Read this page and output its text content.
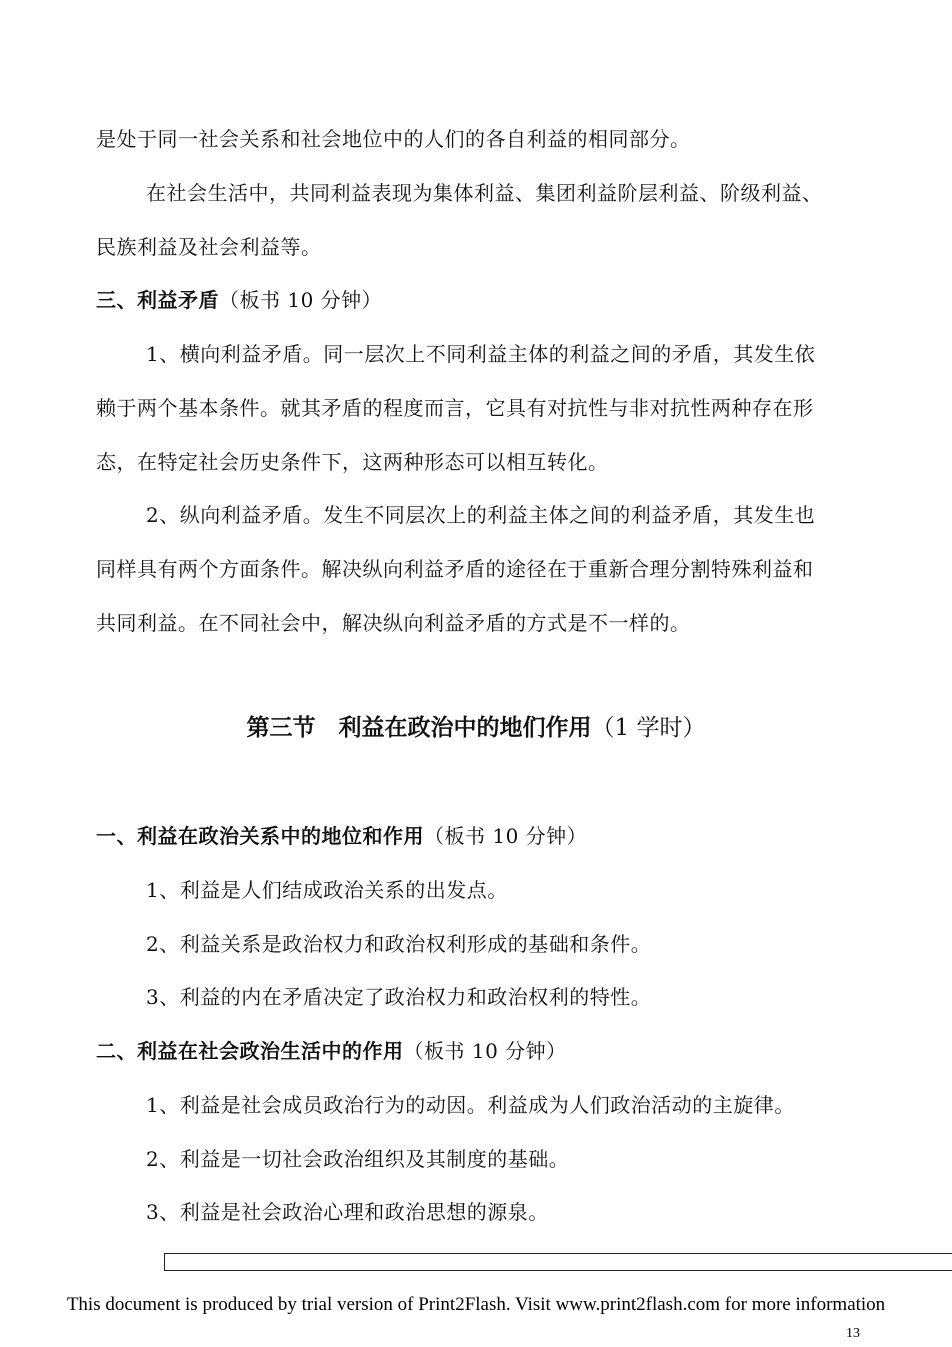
是处于同一社会关系和社会地位中的人们的各自利益的相同部分。
在社会生活中，共同利益表现为集体利益、集团利益阶层利益、阶级利益、
民族利益及社会利益等。
三、利益矛盾（板书 10 分钟）
1、横向利益矛盾。同一层次上不同利益主体的利益之间的矛盾，其发生依
赖于两个基本条件。就其矛盾的程度而言，它具有对抗性与非对抗性两种存在形
态，在特定社会历史条件下，这两种形态可以相互转化。
2、纵向利益矛盾。发生不同层次上的利益主体之间的利益矛盾，其发生也
同样具有两个方面条件。解决纵向利益矛盾的途径在于重新合理分割特殊利益和
共同利益。在不同社会中，解决纵向利益矛盾的方式是不一样的。
第三节　利益在政治中的地们作用（1 学时）
一、利益在政治关系中的地位和作用（板书 10 分钟）
1、利益是人们结成政治关系的出发点。
2、利益关系是政治权力和政治权利形成的基础和条件。
3、利益的内在矛盾决定了政治权力和政治权利的特性。
二、利益在社会政治生活中的作用（板书 10 分钟）
1、利益是社会成员政治行为的动因。利益成为人们政治活动的主旋律。
2、利益是一切社会政治组织及其制度的基础。
3、利益是社会政治心理和政治思想的源泉。
This document is produced by trial version of Print2Flash. Visit www.print2flash.com for more information
13
